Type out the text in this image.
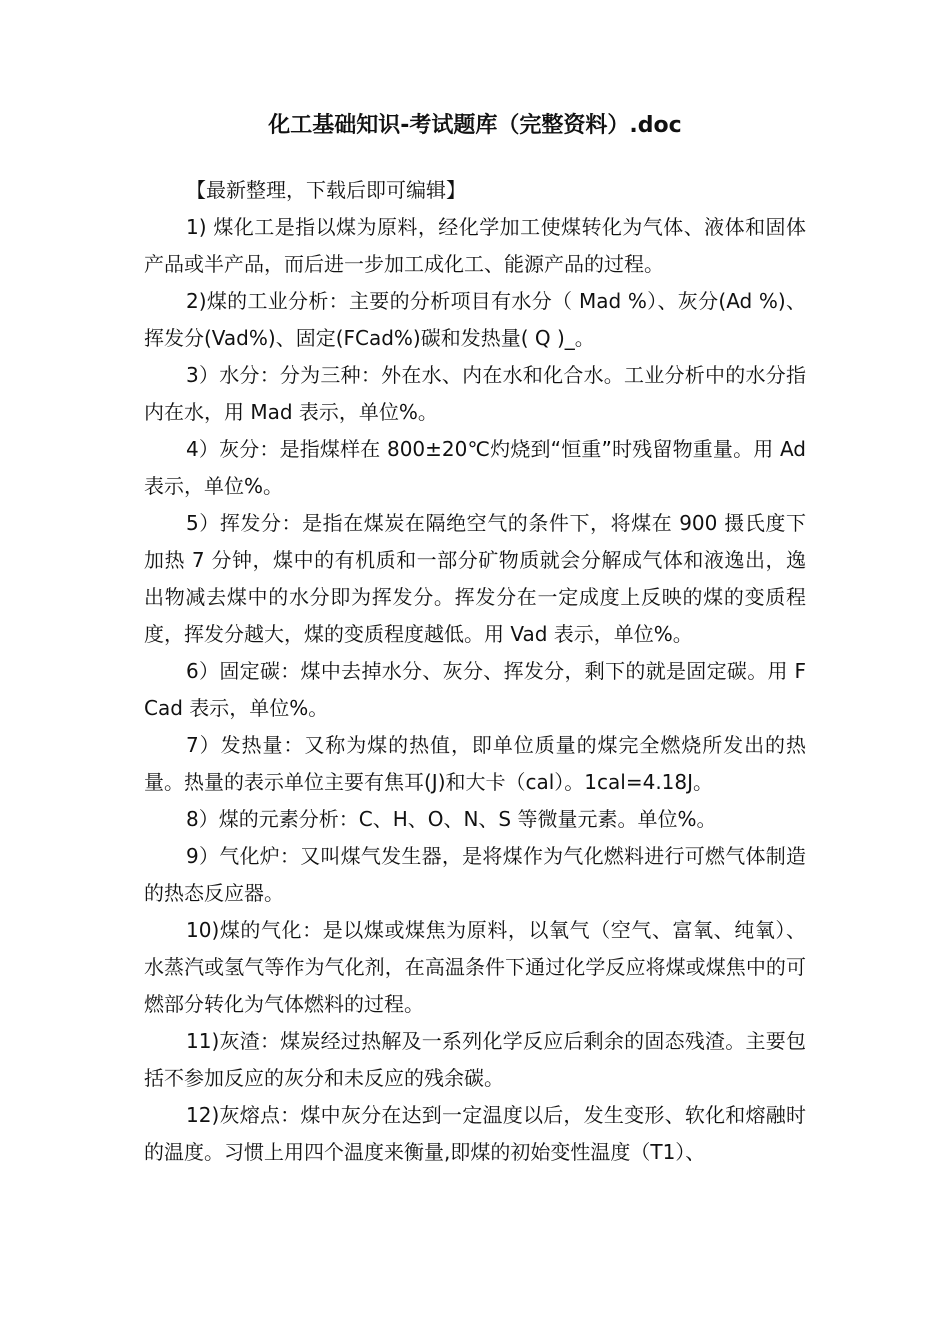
化工基础知识-考试题库（完整资料）.doc

【最新整理，下载后即可编辑】

1) 煤化工是指以煤为原料，经化学加工使煤转化为气体、液体和固体产品或半产品，而后进一步加工成化工、能源产品的过程。

2)煤的工业分析：主要的分析项目有水分（ Mad %）、灰分(Ad %)、挥发分(Vad%)、固定(FCad%)碳和发热量( Q )_。

3）水分：分为三种：外在水、内在水和化合水。工业分析中的水分指内在水，用 Mad 表示，单位%。

4）灰分：是指煤样在 800±20℃灼烧到“恒重”时残留物重量。用 Ad 表示，单位%。

5）挥发分：是指在煤炭在隔绝空气的条件下，将煤在 900 摄氏度下加热 7 分钟，煤中的有机质和一部分矿物质就会分解成气体和液逸出，逸出物减去煤中的水分即为挥发分。挥发分在一定成度上反映的煤的变质程度，挥发分越大，煤的变质程度越低。用 Vad 表示，单位%。

6）固定碳：煤中去掉水分、灰分、挥发分，剩下的就是固定碳。用 FCad 表示，单位%。

7）发热量：又称为煤的热值，即单位质量的煤完全燃烧所发出的热量。热量的表示单位主要有焦耳(J)和大卡（cal）。1cal=4.18J。

8）煤的元素分析：C、H、O、N、S 等微量元素。单位%。

9）气化炉：又叫煤气发生器，是将煤作为气化燃料进行可燃气体制造的热态反应器。

10)煤的气化：是以煤或煤焦为原料，以氧气（空气、富氧、纯氧）、水蒸汽或氢气等作为气化剂，在高温条件下通过化学反应将煤或煤焦中的可燃部分转化为气体燃料的过程。

11)灰渣：煤炭经过热解及一系列化学反应后剩余的固态残渣。主要包括不参加反应的灰分和未反应的残余碳。

12)灰熔点：煤中灰分在达到一定温度以后，发生变形、软化和熔融时的温度。习惯上用四个温度来衡量,即煤的初始变性温度（T1）、
